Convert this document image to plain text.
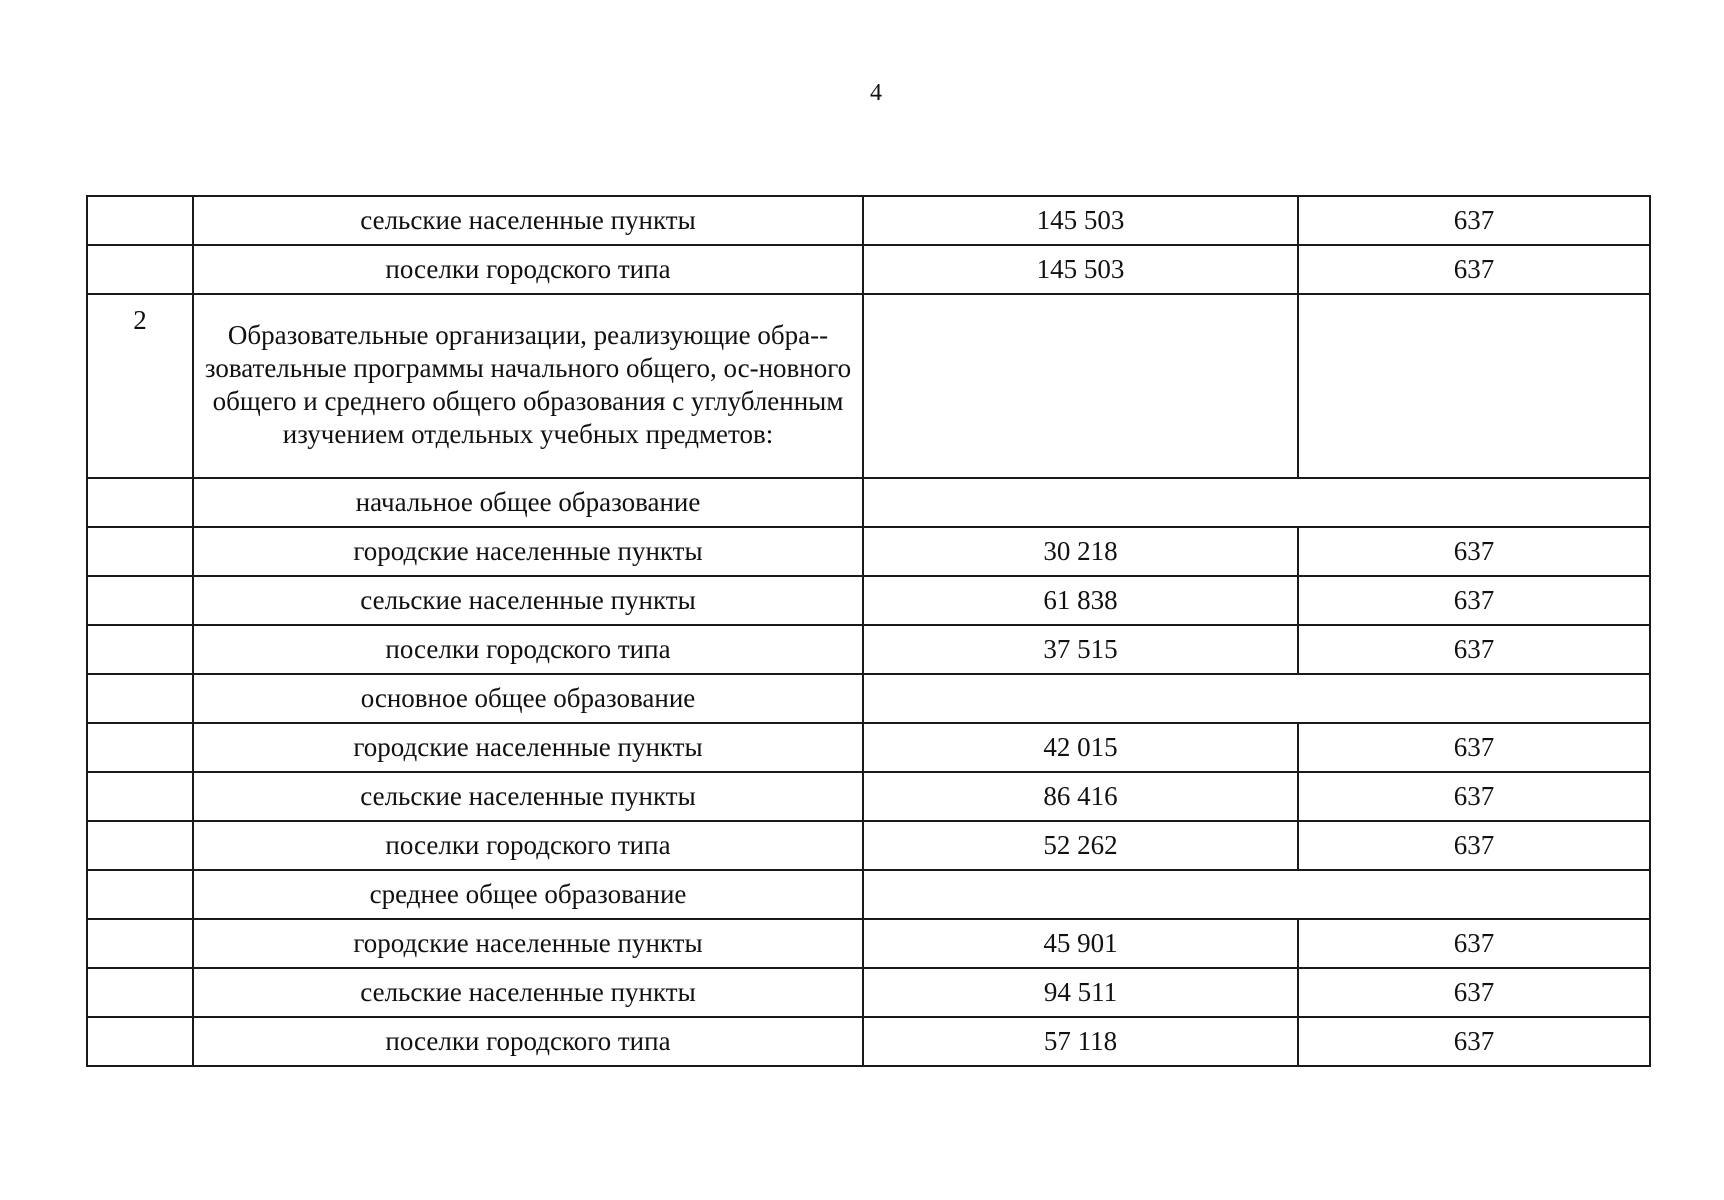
4
	сельские населенные пункты	145 503	637
	поселки городского типа	145 503	637
2	Образовательные организации, реализующие обра-зовательные программы начального общего, ос-новного общего и среднего общего образования с углубленным изучением отдельных учебных предметов:		
	начальное общее образование		
	городские населенные пункты	30 218	637
	сельские населенные пункты	61 838	637
	поселки городского типа	37 515	637
	основное общее образование		
	городские населенные пункты	42 015	637
	сельские населенные пункты	86 416	637
	поселки городского типа	52 262	637
	среднее общее образование		
	городские населенные пункты	45 901	637
	сельские населенные пункты	94 511	637
	поселки городского типа	57 118	637
